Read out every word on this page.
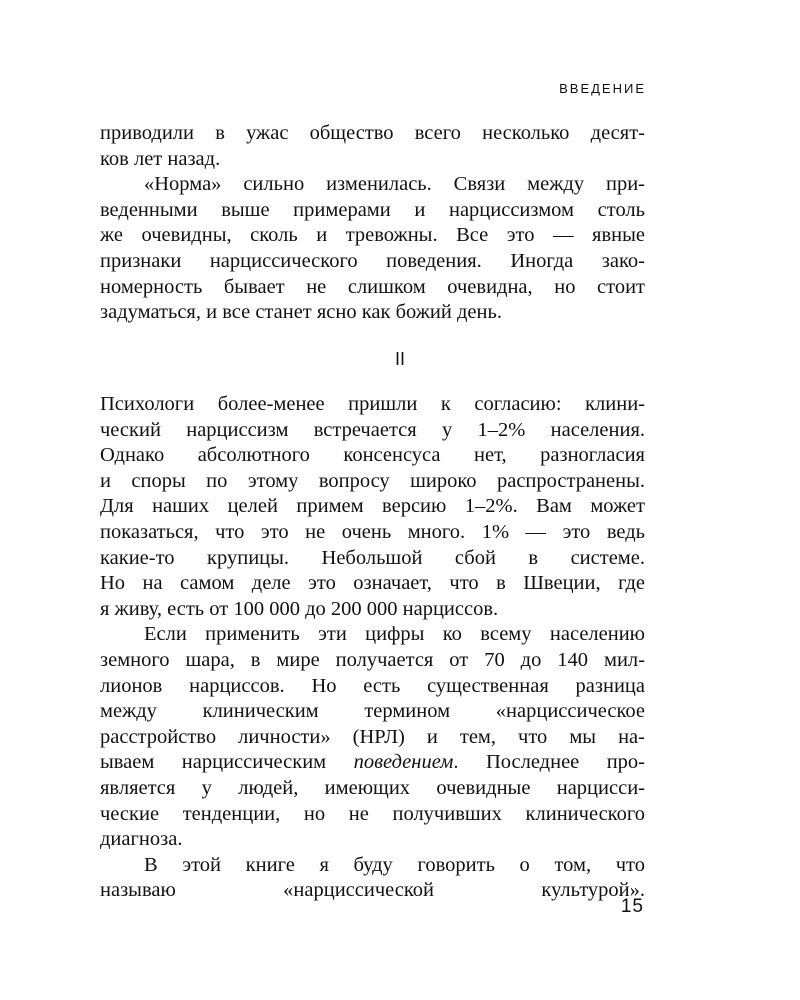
ВВЕДЕНИЕ
приводили в ужас общество всего несколько десят-
ков лет назад.
«Норма» сильно изменилась. Связи между при-
веденными выше примерами и нарциссизмом столь
же очевидны, сколь и тревожны. Все это — явные
признаки нарциссического поведения. Иногда зако-
номерность бывает не слишком очевидна, но стоит
задуматься, и все станет ясно как божий день.
II
Психологи более-менее пришли к согласию: клини-
ческий нарциссизм встречается у 1–2% населения.
Однако абсолютного консенсуса нет, разногласия
и споры по этому вопросу широко распространены.
Для наших целей примем версию 1–2%. Вам может
показаться, что это не очень много. 1% — это ведь
какие-то крупицы. Небольшой сбой в системе.
Но на самом деле это означает, что в Швеции, где
я живу, есть от 100 000 до 200 000 нарциссов.
Если применить эти цифры ко всему населению
земного шара, в мире получается от 70 до 140 мил-
лионов нарциссов. Но есть существенная разница
между клиническим термином «нарциссическое
расстройство личности» (НРЛ) и тем, что мы на-
ываем нарциссическим поведением. Последнее про-
является у людей, имеющих очевидные нарцисси-
ческие тенденции, но не получивших клинического
диагноза.
В этой книге я буду говорить о том, что
называю «нарциссической культурой».
15
